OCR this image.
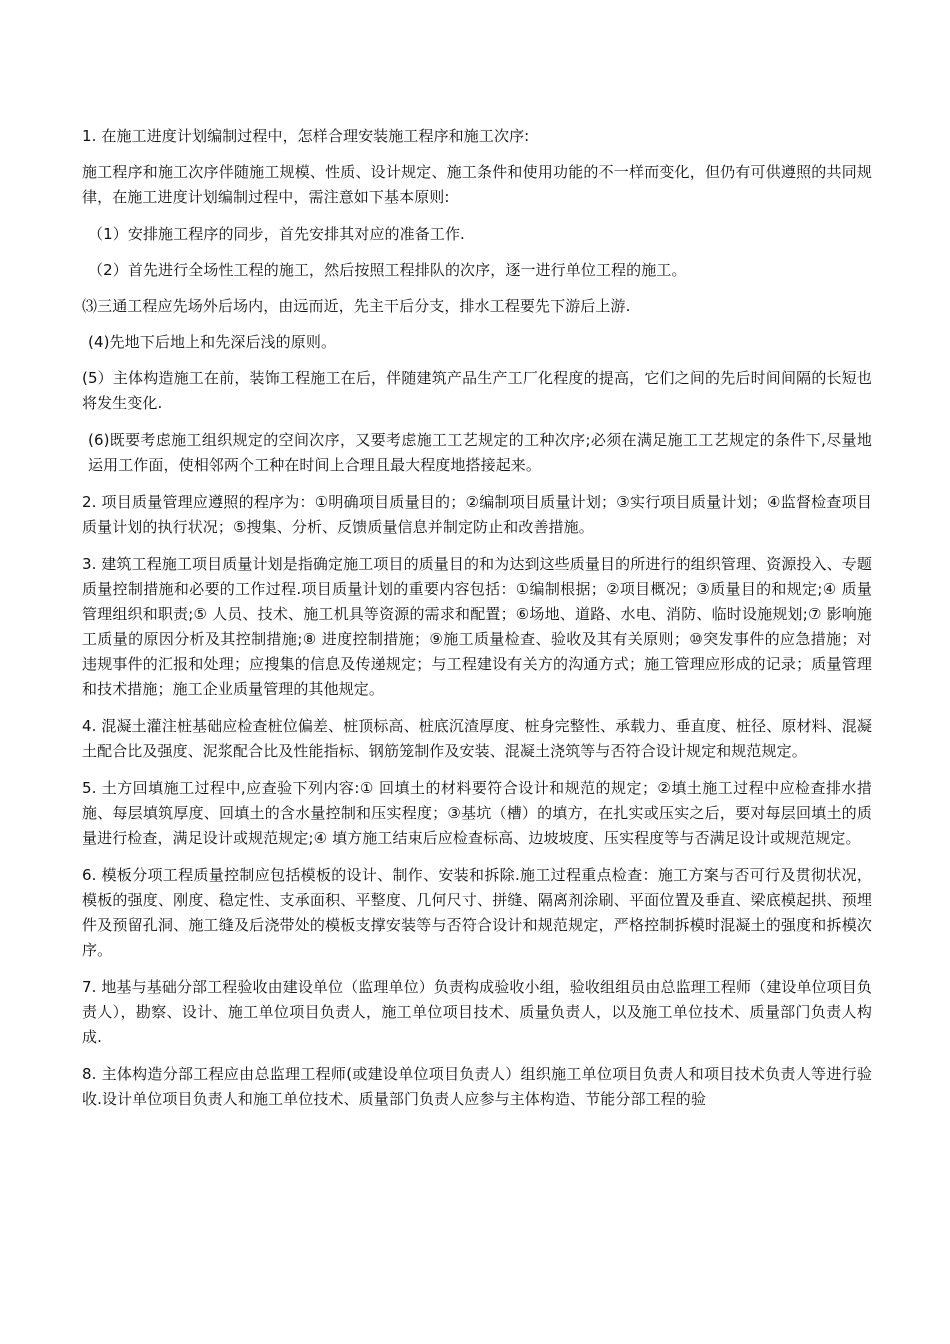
1. 在施工进度计划编制过程中，怎样合理安装施工程序和施工次序:

施工程序和施工次序伴随施工规模、性质、设计规定、施工条件和使用功能的不一样而变化，但仍有可供遵照的共同规律，在施工进度计划编制过程中，需注意如下基本原则:

（1）安排施工程序的同步，首先安排其对应的准备工作.

（2）首先进行全场性工程的施工，然后按照工程排队的次序，逐一进行单位工程的施工。

⑶三通工程应先场外后场内，由远而近，先主干后分支，排水工程要先下游后上游.

(4)先地下后地上和先深后浅的原则。

(5）主体构造施工在前，装饰工程施工在后，伴随建筑产品生产工厂化程度的提高，它们之间的先后时间间隔的长短也将发生变化.

(6)既要考虑施工组织规定的空间次序，又要考虑施工工艺规定的工种次序;必须在满足施工工艺规定的条件下,尽量地运用工作面，使相邻两个工种在时间上合理且最大程度地搭接起来。

2. 项目质量管理应遵照的程序为：①明确项目质量目的；②编制项目质量计划；③实行项目质量计划；④监督检查项目质量计划的执行状况；⑤搜集、分析、反馈质量信息并制定防止和改善措施。

3. 建筑工程施工项目质量计划是指确定施工项目的质量目的和为达到这些质量目的所进行的组织管理、资源投入、专题质量控制措施和必要的工作过程.项目质量计划的重要内容包括：①编制根据；②项目概况；③质量目的和规定;④ 质量管理组织和职责;⑤ 人员、技术、施工机具等资源的需求和配置；⑥场地、道路、水电、消防、临时设施规划;⑦ 影响施工质量的原因分析及其控制措施;⑧ 进度控制措施；⑨施工质量检查、验收及其有关原则；⑩突发事件的应急措施；对违规事件的汇报和处理；应搜集的信息及传递规定；与工程建设有关方的沟通方式；施工管理应形成的记录；质量管理和技术措施；施工企业质量管理的其他规定。

4. 混凝土灌注桩基础应检查桩位偏差、桩顶标高、桩底沉渣厚度、桩身完整性、承载力、垂直度、桩径、原材料、混凝土配合比及强度、泥浆配合比及性能指标、钢筋笼制作及安装、混凝土浇筑等与否符合设计规定和规范规定。

5. 土方回填施工过程中,应查验下列内容:① 回填土的材料要符合设计和规范的规定；②填土施工过程中应检查排水措施、每层填筑厚度、回填土的含水量控制和压实程度；③基坑（槽）的填方，在扎实或压实之后，要对每层回填土的质量进行检查，满足设计或规范规定;④ 填方施工结束后应检查标高、边坡坡度、压实程度等与否满足设计或规范规定。

6. 模板分项工程质量控制应包括模板的设计、制作、安装和拆除.施工过程重点检查：施工方案与否可行及贯彻状况，模板的强度、刚度、稳定性、支承面积、平整度、几何尺寸、拼缝、隔离剂涂刷、平面位置及垂直、梁底模起拱、预埋件及预留孔洞、施工缝及后浇带处的模板支撑安装等与否符合设计和规范规定，严格控制拆模时混凝土的强度和拆模次序。

7. 地基与基础分部工程验收由建设单位（监理单位）负责构成验收小组，验收组组员由总监理工程师（建设单位项目负责人），勘察、设计、施工单位项目负责人，施工单位项目技术、质量负责人，以及施工单位技术、质量部门负责人构成.

8. 主体构造分部工程应由总监理工程师(或建设单位项目负责人）组织施工单位项目负责人和项目技术负责人等进行验收.设计单位项目负责人和施工单位技术、质量部门负责人应参与主体构造、节能分部工程的验
